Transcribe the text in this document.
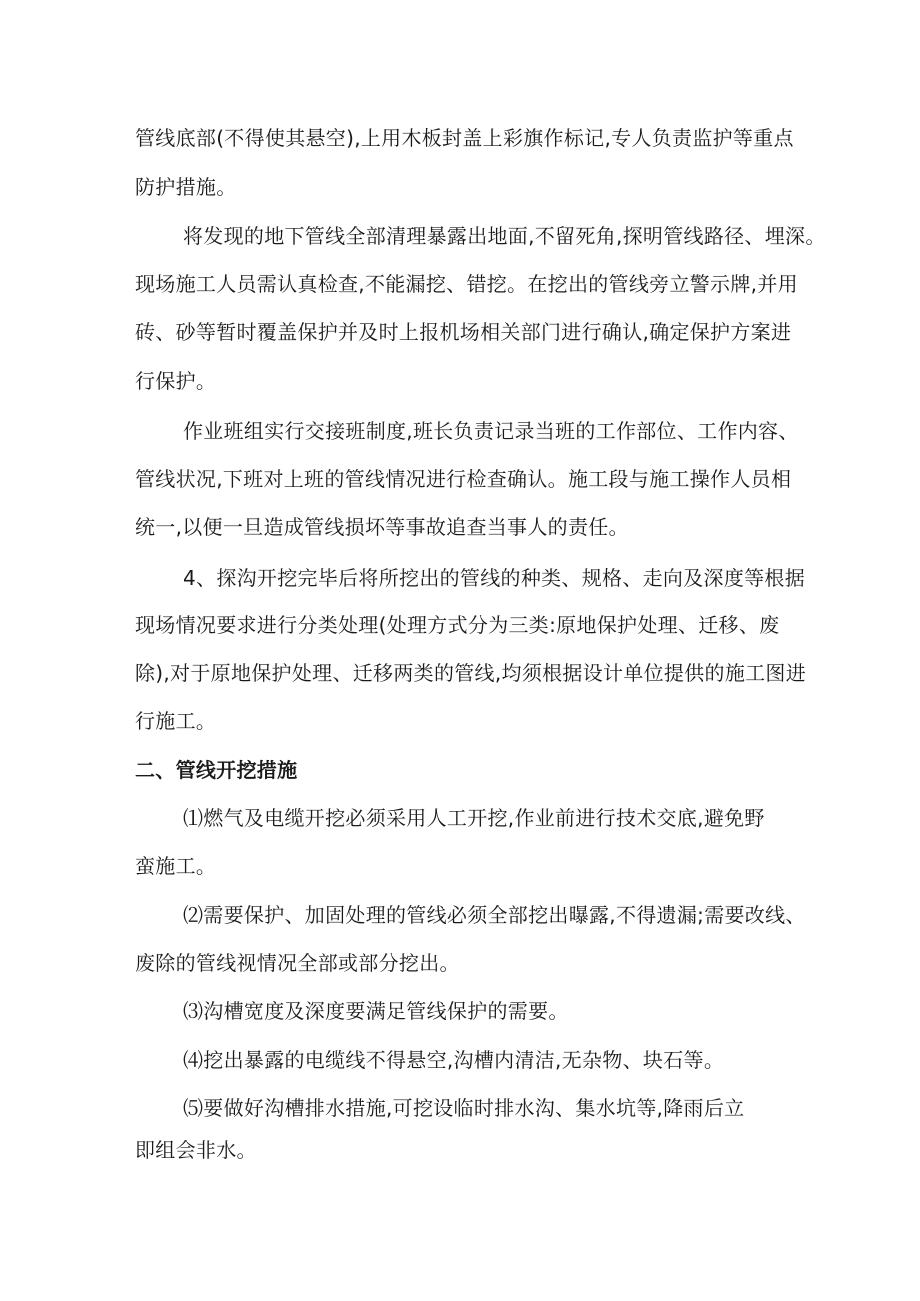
管线底部(不得使其悬空),上用木板封盖上彩旗作标记,专人负责监护等重点
防护措施。
将发现的地下管线全部清理暴露出地面,不留死角,探明管线路径、埋深。
现场施工人员需认真检查,不能漏挖、错挖。在挖出的管线旁立警示牌,并用
砖、砂等暂时覆盖保护并及时上报机场相关部门进行确认,确定保护方案进
行保护。
作业班组实行交接班制度,班长负责记录当班的工作部位、工作内容、
管线状况,下班对上班的管线情况进行检查确认。施工段与施工操作人员相
统一,以便一旦造成管线损坏等事故追查当事人的责任。
4、探沟开挖完毕后将所挖出的管线的种类、规格、走向及深度等根据
现场情况要求进行分类处理(处理方式分为三类:原地保护处理、迁移、废
除),对于原地保护处理、迁移两类的管线,均须根据设计单位提供的施工图进
行施工。
二、管线开挖措施
⑴燃气及电缆开挖必须采用人工开挖,作业前进行技术交底,避免野
蛮施工。
⑵需要保护、加固处理的管线必须全部挖出曝露,不得遗漏;需要改线、
废除的管线视情况全部或部分挖出。
⑶沟槽宽度及深度要满足管线保护的需要。
⑷挖出暴露的电缆线不得悬空,沟槽内清洁,无杂物、块石等。
⑸要做好沟槽排水措施,可挖设临时排水沟、集水坑等,降雨后立
即组会非水。
